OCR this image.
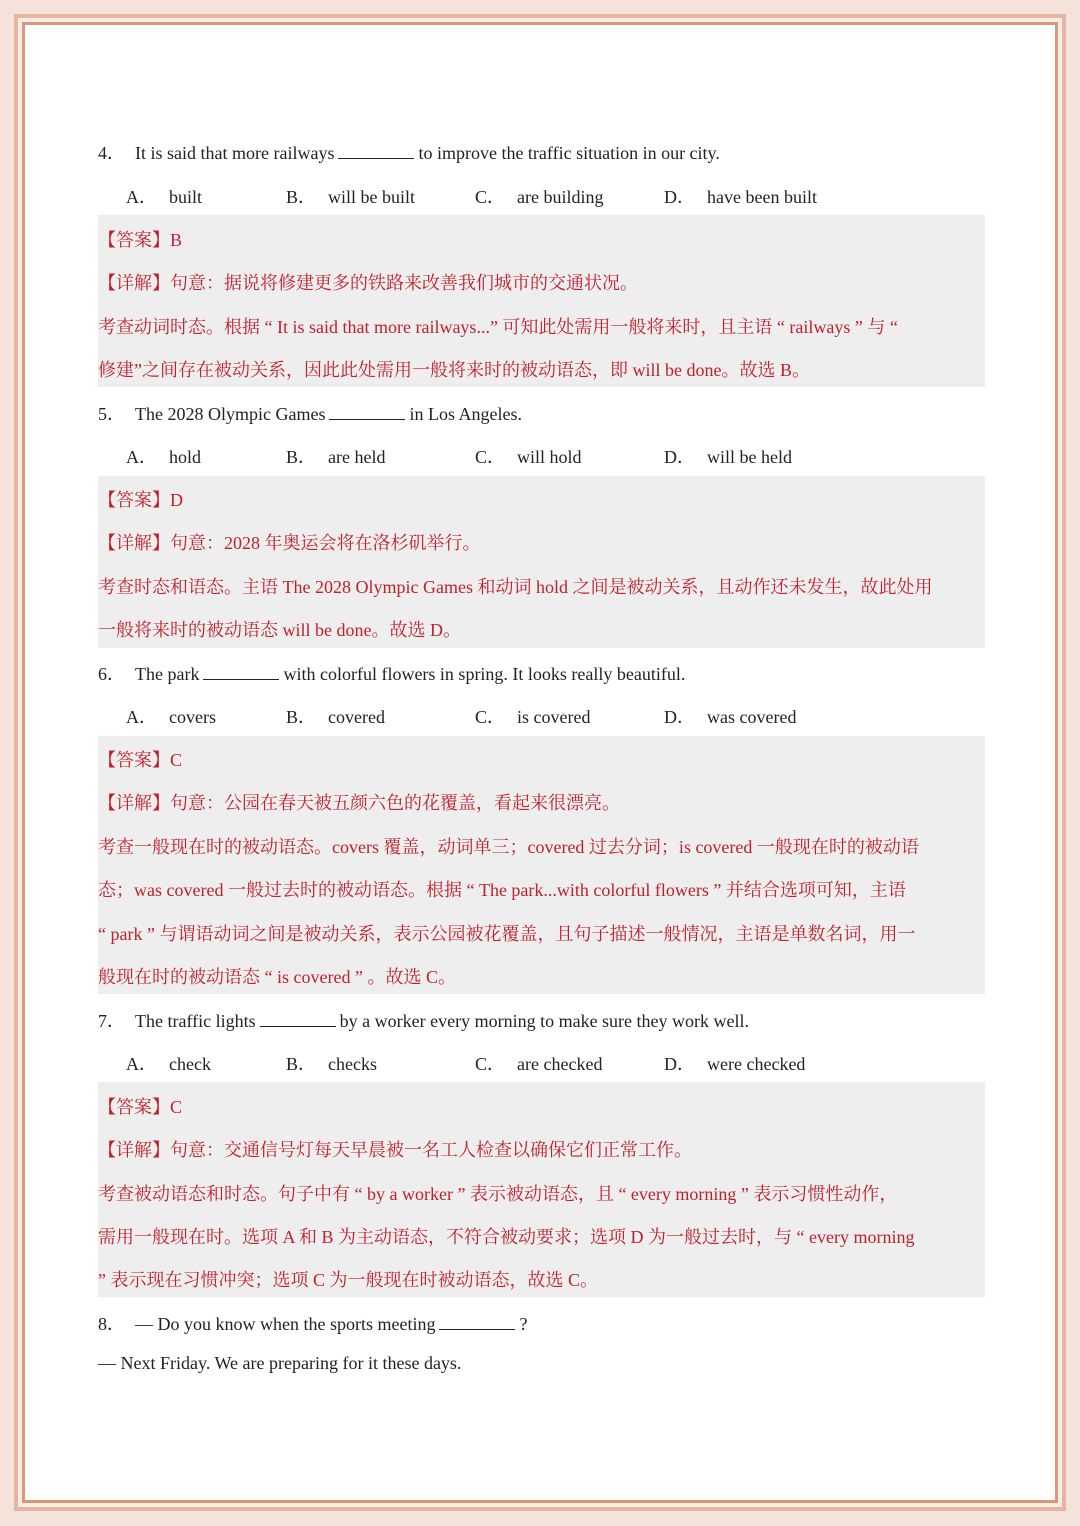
4． It is said that more railways	to improve the traffic situation in our city.
A． built	B． will be built	C． are building	D． have been built
【答案】B
【详解】句意：据说将修建更多的铁路来改善我们城市的交通状况。
考查动词时态。根据 “ It is said that more railways...” 可知此处需用一般将来时，且主语 “ railways ” 与 “
修建”之间存在被动关系，因此此处需用一般将来时的被动语态，即 will be done。故选 B。
5． The 2028 Olympic Games	in Los Angeles.
A． hold	B． are held	C． will hold	D． will be held
【答案】D
【详解】句意：2028 年奥运会将在洛杉矶举行。
考查时态和语态。主语 The 2028 Olympic Games 和动词 hold 之间是被动关系，且动作还未发生，故此处用
一般将来时的被动语态 will be done。故选 D。
6． The park	with colorful flowers in spring. It looks really beautiful.
A． covers	B． covered	C． is covered	D． was covered
【答案】C
【详解】句意：公园在春天被五颜六色的花覆盖，看起来很漂亮。
考查一般现在时的被动语态。covers 覆盖，动词单三；covered 过去分词；is covered 一般现在时的被动语
态；was covered 一般过去时的被动语态。根据 “ The park...with colorful flowers ” 并结合选项可知，主语
“ park ” 与谓语动词之间是被动关系，表示公园被花覆盖，且句子描述一般情况，主语是单数名词，用一
般现在时的被动语态 “ is covered ” 。故选 C。
7． The traffic lights	by a worker every morning to make sure they work well.
A． check	B． checks	C． are checked	D． were checked
【答案】C
【详解】句意：交通信号灯每天早晨被一名工人检查以确保它们正常工作。
考查被动语态和时态。句子中有 “ by a worker ” 表示被动语态，且 “ every morning ” 表示习惯性动作，
需用一般现在时。选项 A 和 B 为主动语态，不符合被动要求；选项 D 为一般过去时，与 “ every morning
” 表示现在习惯冲突；选项 C 为一般现在时被动语态，故选 C。
8． — Do you know when the sports meeting	?
— Next Friday. We are preparing for it these days.
